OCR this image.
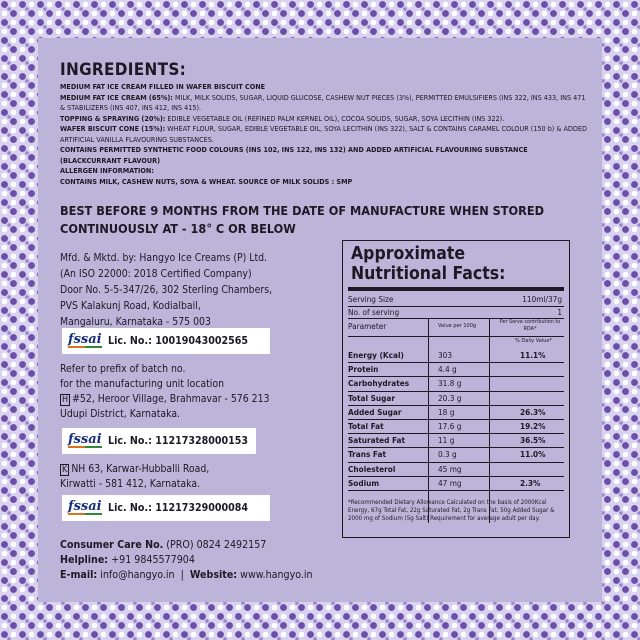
INGREDIENTS:

MEDIUM FAT ICE CREAM FILLED IN WAFER BISCUIT CONE

MEDIUM FAT ICE CREAM (65%): MILK, MILK SOLIDS, SUGAR, LIQUID GLUCOSE, CASHEW NUT PIECES (3%), PERMITTED EMULSIFIERS (INS 322, INS 433, INS 471 & STABILIZERS (INS 407, INS 412, INS 415).

TOPPING & SPRAYING (20%): EDIBLE VEGETABLE OIL (REFINED PALM KERNEL OIL), COCOA SOLIDS, SUGAR, SOYA LECITHIN (INS 322).

WAFER BISCUIT CONE (15%): WHEAT FLOUR, SUGAR, EDIBLE VEGETABLE OIL, SOYA LECITHIN (INS 322), SALT & CONTAINS CARAMEL COLOUR (150 b) & ADDED ARTIFICIAL VANILLA FLAVOURING SUBSTANCES.

CONTAINS PERMITTED SYNTHETIC FOOD COLOURS (INS 102, INS 122, INS 132) AND ADDED ARTIFICIAL FLAVOURING SUBSTANCE (BLACKCURRANT FLAVOUR)

ALLERGEN INFORMATION:

CONTAINS MILK, CASHEW NUTS, SOYA & WHEAT. SOURCE OF MILK SOLIDS : SMP

BEST BEFORE 9 MONTHS FROM THE DATE OF MANUFACTURE WHEN STORED CONTINUOUSLY AT - 18° C OR BELOW

Mfd. & Mktd. by: Hangyo Ice Creams (P) Ltd.

(An ISO 22000: 2018 Certified Company)

Door No. 5-5-347/26, 302 Sterling Chambers,

PVS Kalakunj Road, Kodialbail,

Mangaluru, Karnataka - 575 003

fssai Lic. No.: 10019043002565

Refer to prefix of batch no.

for the manufacturing unit location

H #52, Heroor Village, Brahmavar - 576 213

Udupi District, Karnataka.

fssai Lic. No.: 11217328000153

K NH 63, Karwar-Hubballi Road,

Kirwatti - 581 412, Karnataka.

fssai Lic. No.: 11217329000084

Consumer Care No. (PRO) 0824 2492157

Helpline: +91 9845577904

E-mail: info@hangyo.in | Website: www.hangyo.in

Approximate
Nutritional Facts:
Serving Size	110ml/37g
No. of serving	1
Parameter	Value per 100g
Per Serve contribution to RDA*
% Daily Value*
Energy (Kcal)	303	11.1%
Protein	4.4 g
Carbohydrates	31.8 g
Total Sugar	20.3 g
Added Sugar	18 g	26.3%
Total Fat	17.6 g	19.2%
Saturated Fat	11 g	36.5%
Trans Fat	0.3 g	11.0%
Cholesterol	45 mg
Sodium	47 mg	2.3%
*Recommended Dietary Allowance Calculated on the basis of 2000Kcal Energy, 67g Total Fat, 22g Saturated Fat, 2g Trans Fat, 50g Added Sugar & 2000 mg of Sodium (5g Salt) Requirement for average adult per day.
